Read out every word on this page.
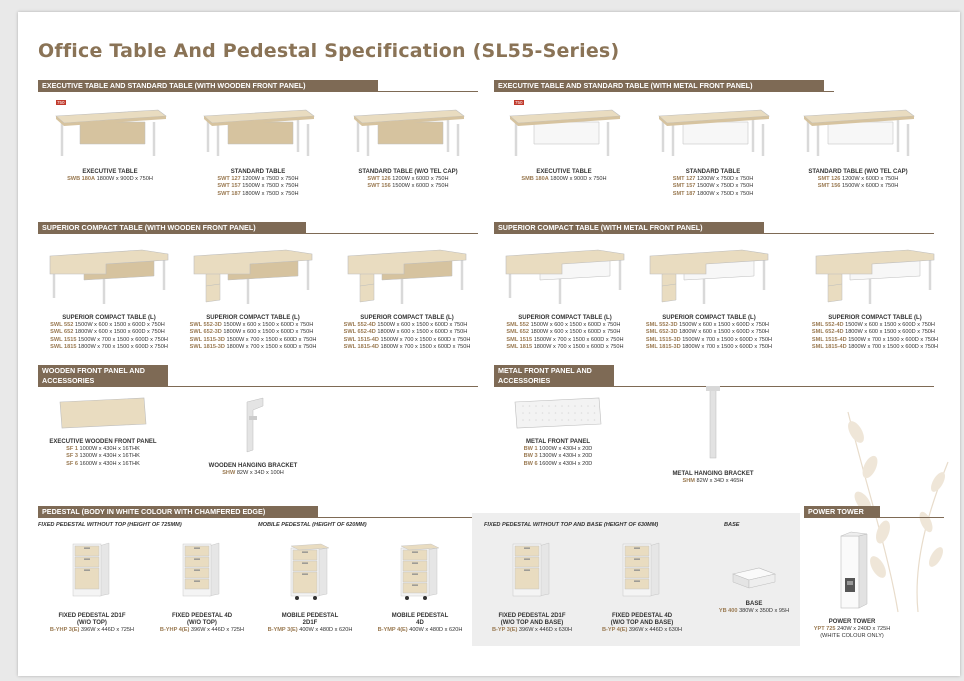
Office Table And Pedestal Specification (SL55-Series)
EXECUTIVE TABLE AND STANDARD TABLE (WITH WOODEN FRONT PANEL)	EXECUTIVE TABLE AND STANDARD TABLE (WITH METAL FRONT PANEL)
SUPERIOR COMPACT TABLE (WITH WOODEN FRONT PANEL)	SUPERIOR COMPACT TABLE (WITH METAL FRONT PANEL)
WOODEN FRONT PANEL AND
ACCESSORIES
METAL FRONT PANEL AND
ACCESSORIES
PEDESTAL (BODY IN WHITE COLOUR WITH CHAMFERED EDGE)	POWER TOWER
EXECUTIVE TABLE
SWB 180A 1800W x 900D x 750H
STANDARD TABLE
SWT 127 1200W x 750D x 750H
SWT 157 1500W x 750D x 750H
SWT 187 1800W x 750D x 750H
STANDARD TABLE (W/O TEL CAP)
SWT 126 1200W x 600D x 750H
SWT 156 1500W x 600D x 750H
EXECUTIVE TABLE
SMB 180A 1800W x 900D x 750H
STANDARD TABLE
SMT 127 1200W x 750D x 750H
SMT 157 1500W x 750D x 750H
SMT 187 1800W x 750D x 750H
STANDARD TABLE (W/O TEL CAP)
SMT 126 1200W x 600D x 750H
SMT 156 1500W x 600D x 750H
750	750
SUPERIOR COMPACT TABLE (L)
SWL 552 1500W x 600 x 1500 x 600D x 750H
SWL 652 1800W x 600 x 1500 x 600D x 750H
SWL 1515 1500W x 700 x 1500 x 600D x 750H
SWL 1815 1800W x 700 x 1500 x 600D x 750H
SUPERIOR COMPACT TABLE (L)
SWL 552-3D 1500W x 600 x 1500 x 600D x 750H
SWL 652-3D 1800W x 600 x 1500 x 600D x 750H
SWL 1515-3D 1500W x 700 x 1500 x 600D x 750H
SWL 1815-3D 1800W x 700 x 1500 x 600D x 750H
SUPERIOR COMPACT TABLE (L)
SWL 552-4D 1500W x 600 x 1500 x 600D x 750H
SWL 652-4D 1800W x 600 x 1500 x 600D x 750H
SWL 1515-4D 1500W x 700 x 1500 x 600D x 750H
SWL 1815-4D 1800W x 700 x 1500 x 600D x 750H
SUPERIOR COMPACT TABLE (L)
SML 552 1500W x 600 x 1500 x 600D x 750H
SML 652 1800W x 600 x 1500 x 600D x 750H
SML 1515 1500W x 700 x 1500 x 600D x 750H
SML 1815 1800W x 700 x 1500 x 600D x 750H
SUPERIOR COMPACT TABLE (L)
SML 552-3D 1500W x 600 x 1500 x 600D x 750H
SML 652-3D 1800W x 600 x 1500 x 600D x 750H
SML 1515-3D 1500W x 700 x 1500 x 600D x 750H
SML 1815-3D 1800W x 700 x 1500 x 600D x 750H
SUPERIOR COMPACT TABLE (L)
SML 552-4D 1500W x 600 x 1500 x 600D x 750H
SML 652-4D 1800W x 600 x 1500 x 600D x 750H
SML 1515-4D 1500W x 700 x 1500 x 600D x 750H
SML 1815-4D 1800W x 700 x 1500 x 600D x 750H
EXECUTIVE WOODEN FRONT PANEL
SF 1 1000W x 430H x 16THK
SF 3 1300W x 430H x 16THK
SF 6 1600W x 430H x 16THK	WOODEN HANGING BRACKET
SHW 82W x 34D x 100H
METAL FRONT PANEL
BW 1 1000W x 430H x 20D
BW 3 1300W x 430H x 20D
BW 6 1600W x 430H x 20D
METAL HANGING BRACKET
SHM 82W x 34D x 465H
FIXED PEDESTAL WITHOUT TOP (HEIGHT OF 725MM)	MOBILE PEDESTAL (HEIGHT OF 620MM)	FIXED PEDESTAL WITHOUT TOP AND BASE (HEIGHT OF 630MM)	BASE
FIXED PEDESTAL 2D1F
(W/O TOP)
B-YHP 3(E) 396W x 446D x 725H
FIXED PEDESTAL 4D
(W/O TOP)
B-YHP 4(E) 396W x 446D x 725H
MOBILE PEDESTAL
2D1F
B-YMP 3(E) 400W x 480D x 620H
MOBILE PEDESTAL
4D
B-YMP 4(E) 400W x 480D x 620H
FIXED PEDESTAL 2D1F
(W/O TOP AND BASE)
B-YP 3(E) 396W x 446D x 630H
FIXED PEDESTAL 4D
(W/O TOP AND BASE)
B-YP 4(E) 396W x 446D x 630H
BASE
YB 400 380W x 350D x 95H
POWER TOWER
YPT 725 240W x 240D x 725H
(WHITE COLOUR ONLY)
